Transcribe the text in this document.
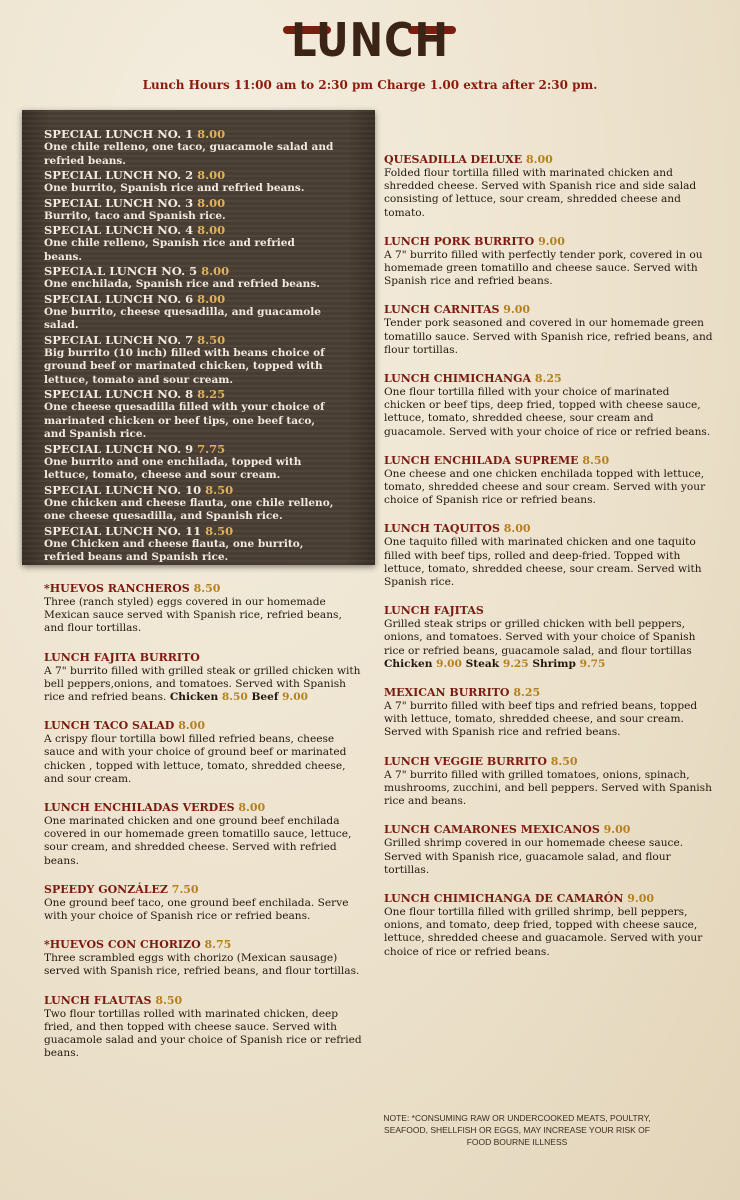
LUNCH
Lunch Hours 11:00 am to 2:30 pm Charge 1.00 extra after 2:30 pm.
SPECIAL LUNCH NO. 1 8.00
One chile relleno, one taco, guacamole salad and refried beans.
SPECIAL LUNCH NO. 2 8.00
One burrito, Spanish rice and refried beans.
SPECIAL LUNCH NO. 3 8.00
Burrito, taco and Spanish rice.
SPECIAL LUNCH NO. 4 8.00
One chile relleno, Spanish rice and refried beans.
SPECIA.L LUNCH NO. 5 8.00
One enchilada, Spanish rice and refried beans.
SPECIAL LUNCH NO. 6 8.00
One burrito, cheese quesadilla, and guacamole salad.
SPECIAL LUNCH NO. 7 8.50
Big burrito (10 inch) filled with beans choice of ground beef or marinated chicken, topped with lettuce, tomato and sour cream.
SPECIAL LUNCH NO. 8 8.25
One cheese quesadilla filled with your choice of marinated chicken or beef tips, one beef taco, and Spanish rice.
SPECIAL LUNCH NO. 9 7.75
One burrito and one enchilada, topped with lettuce, tomato, cheese and sour cream.
SPECIAL LUNCH NO. 10 8.50
One chicken and cheese flauta, one chile relleno, one cheese quesadilla, and Spanish rice.
SPECIAL LUNCH NO. 11 8.50
One Chicken and cheese flauta, one burrito, refried beans and Spanish rice.
*HUEVOS RANCHEROS 8.50
Three (ranch styled) eggs covered in our homemade Mexican sauce served with Spanish rice, refried beans, and flour tortillas.
LUNCH FAJITA BURRITO
A 7" burrito filled with grilled steak or grilled chicken with bell peppers,onions, and tomatoes. Served with Spanish rice and refried beans. Chicken 8.50 Beef 9.00
LUNCH TACO SALAD 8.00
A crispy flour tortilla bowl filled refried beans, cheese sauce and with your choice of ground beef or marinated chicken , topped with lettuce, tomato, shredded cheese, and sour cream.
LUNCH ENCHILADAS VERDES 8.00
One marinated chicken and one ground beef enchilada covered in our homemade green tomatillo sauce, lettuce, sour cream, and shredded cheese. Served with refried beans.
SPEEDY GONZÁLEZ 7.50
One ground beef taco, one ground beef enchilada. Serve with your choice of Spanish rice or refried beans.
*HUEVOS CON CHORIZO 8.75
Three scrambled eggs with chorizo (Mexican sausage) served with Spanish rice, refried beans, and flour tortillas.
LUNCH FLAUTAS 8.50
Two flour tortillas rolled with marinated chicken, deep fried, and then topped with cheese sauce. Served with guacamole salad and your choice of Spanish rice or refried beans.
QUESADILLA DELUXE 8.00
Folded flour tortilla filled with marinated chicken and shredded cheese. Served with Spanish rice and side salad consisting of lettuce, sour cream, shredded cheese and tomato.
LUNCH PORK BURRITO 9.00
A 7" burrito filled with perfectly tender pork, covered in ou homemade green tomatillo and cheese sauce. Served with Spanish rice and refried beans.
LUNCH CARNITAS 9.00
Tender pork seasoned and covered in our homemade green tomatillo sauce. Served with Spanish rice, refried beans, and flour tortillas.
LUNCH CHIMICHANGA 8.25
One flour tortilla filled with your choice of marinated chicken or beef tips, deep fried, topped with cheese sauce, lettuce, tomato, shredded cheese, sour cream and guacamole. Served with your choice of rice or refried beans.
LUNCH ENCHILADA SUPREME 8.50
One cheese and one chicken enchilada topped with lettuce, tomato, shredded cheese and sour cream. Served with your choice of Spanish rice or refried beans.
LUNCH TAQUITOS 8.00
One taquito filled with marinated chicken and one taquito filled with beef tips, rolled and deep-fried. Topped with lettuce, tomato, shredded cheese, sour cream. Served with Spanish rice.
LUNCH FAJITAS
Grilled steak strips or grilled chicken with bell peppers, onions, and tomatoes. Served with your choice of Spanish rice or refried beans, guacamole salad, and flour tortillas
Chicken 9.00 Steak 9.25 Shrimp 9.75
MEXICAN BURRITO 8.25
A 7" burrito filled with beef tips and refried beans, topped with lettuce, tomato, shredded cheese, and sour cream. Served with Spanish rice and refried beans.
LUNCH VEGGIE BURRITO 8.50
A 7" burrito filled with grilled tomatoes, onions, spinach, mushrooms, zucchini, and bell peppers. Served with Spanish rice and beans.
LUNCH CAMARONES MEXICANOS 9.00
Grilled shrimp covered in our homemade cheese sauce. Served with Spanish rice, guacamole salad, and flour tortillas.
LUNCH CHIMICHANGA DE CAMARÓN 9.00
One flour tortilla filled with grilled shrimp, bell peppers, onions, and tomato, deep fried, topped with cheese sauce, lettuce, shredded cheese and guacamole. Served with your choice of rice or refried beans.
NOTE: *CONSUMING RAW OR UNDERCOOKED MEATS, POULTRY, SEAFOOD, SHELLFISH OR EGGS, MAY INCREASE YOUR RISK OF FOOD BOURNE ILLNESS
